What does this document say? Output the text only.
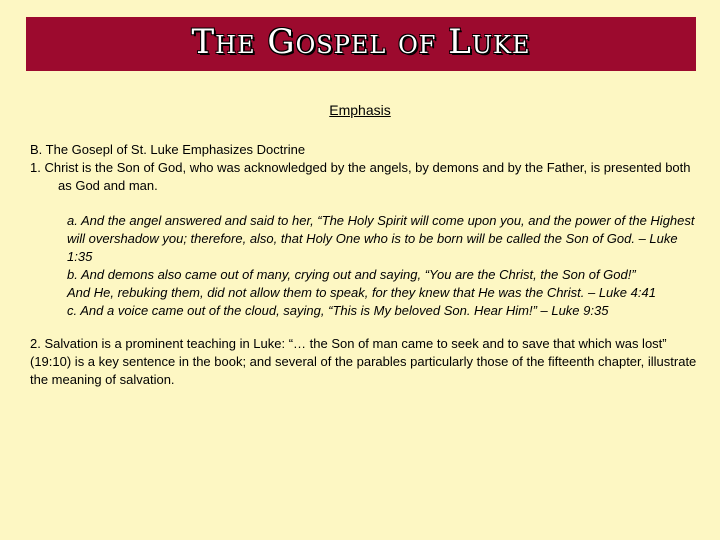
The Gospel of Luke
Emphasis

B. The Gosepl of St. Luke Emphasizes Doctrine

1. Christ is the Son of God, who was acknowledged by the angels, by demons and by the Father, is presented both as God and man.

a. And the angel answered and said to her, “The Holy Spirit will come upon you, and the power of the Highest will overshadow you; therefore, also, that Holy One who is to be born will be called the Son of God. – Luke 1:35

b. And demons also came out of many, crying out and saying, “You are the Christ, the Son of God!”

And He, rebuking them, did not allow them to speak, for they knew that He was the Christ. – Luke 4:41

c. And a voice came out of the cloud, saying, “This is My beloved Son. Hear Him!” – Luke 9:35

2. Salvation is a prominent teaching in Luke: “… the Son of man came to seek and to save that which was lost” (19:10) is a key sentence in the book; and several of the parables particularly those of the fifteenth chapter, illustrate the meaning of salvation.
